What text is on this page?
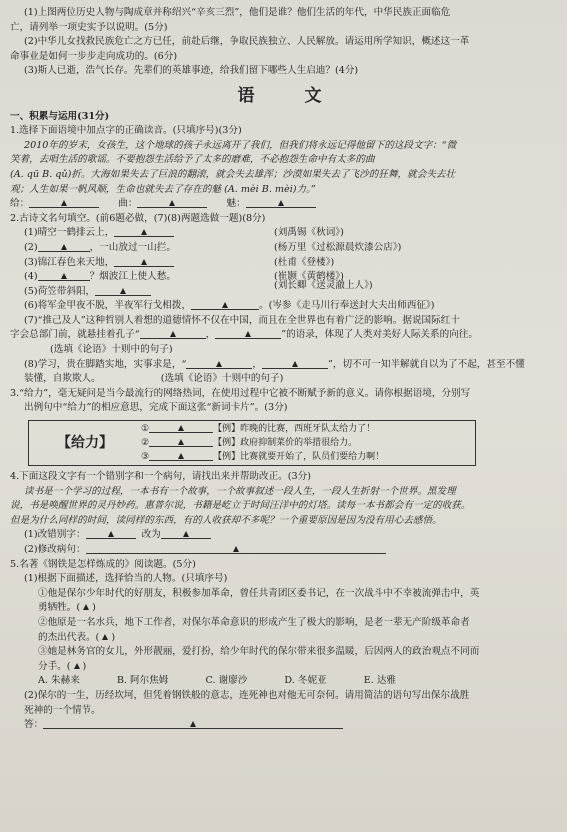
(1)上图两位历史人物与陶成章并称绍兴“辛亥三烈”，他们是谁？他们生活的年代，中华民族正面临危

亡，请列举一项史实予以说明。(5分)

(2)中华儿女找救民族危亡之方已任，前赴后继，争取民族独立、人民解放。请运用所学知识，概述这一革

命事业是如何一步步走向成功的。(6分)

(3)斯人已逝，浩气长存。先辈们的英雄事迹，给我们留下哪些人生启迪？(4分)

语 文

一、积累与运用(31分)

1.选择下面语境中加点字的正确读音。(只填序号)(3分)

2010年的岁末，女孩生，这个地球的孩子永远离开了我们，但我们将永远记得他留下的这段文字：“微

笑着，去唱生活的歌谣。不要抱怨生活给予了太多的磨难，不必抱怨生命中有太多的曲

(A. qū B. qǔ)折。大海如果失去了巨浪的翻滚，就会失去雄浑；沙漠如果失去了飞沙的狂舞，就会失去壮

观；人生如果一帆风顺，生命也就失去了存在的魅 (A. mèi B. mèi)力。”

给：	曲：	魅：

2.古诗文名句填空。(前6题必做，(7)(8)两题选做一题)(8分)

(1)晴空一鹤排云上，	(刘禹锡《秋词》)
(2)	，一山放过一山拦。	(杨万里《过松源晨炊漆公店》)
(3)锦江春色来天地，	(杜甫《登楼》)
(4)	？烟波江上使人愁。	(崔颢《黄鹤楼》)
(5)荷笠带斜阳，
(刘长卿《送灵澈上人》)

(6)将军金甲夜不脱，半夜军行戈相拨，	。(岑参《走马川行奉送封大夫出师西征》)

(7)“推己及人”这种哲别人着想的道德情怀不仅在中国，而且在全世界也有着广泛的影响。据说国际红十

字会总部门前，就悬挂着孔子“	，	”的语录，体现了人类对美好人际关系的向往。

(选填《论语》十则中的句子)

(8)学习，贵在脚踏实地，实事求是，“	，	”，切不可一知半解就自以为了不起，甚至不懂

装懂，自欺欺人。	(选填《论语》十则中的句子)

3.“给力”，毫无疑问是当今最流行的网络热词，在使用过程中它被不断赋予新的意义。请你根据语境，分别写

出例句中“给力”的相应意思，完成下面这张“新词卡片”。(3分)

【给力】
①	【例】昨晚的比赛，西班牙队太给力了！
②	【例】政府抑制菜价的举措很给力。
③	【例】比赛就要开始了，队员们要给力啊！

4.下面这段文字有一个错别字和一个病句，请找出来并帮助改正。(3分)

读书是一个学习的过程，一本书有一个故事，一个故事叙述一段人生，一段人生折射一个世界。黑发理

说，书是唤醒世界的灵丹妙药。惠普尔说，书籍是屹立于时间汪洋中的灯塔。读每一本书都会有一定的收获。

但是为什么同样的时间，读同样的东西，有的人收获却不多呢？一个重要原因是因为没有用心去感悟。

(1)改错别字：	改为

(2)修改病句：

5.名著《钢铁是怎样炼成的》阅读题。(5分)

(1)根据下面描述，选择恰当的人物。(只填序号)

①他是保尔少年时代的好朋友，积极参加革命，曾任共青团区委书记，在一次战斗中不幸被流弹击中，英

勇牺牲。( )

②他原是一名水兵，地下工作者，对保尔革命意识的形成产生了极大的影响，是老一辈无产阶级革命者

的杰出代表。( )

③她是林务官的女儿，外形靓丽，爱打扮，给少年时代的保尔带来很多温暖，后因两人的政治观点不同而

分手。( )

A. 朱赫来	B. 阿尔焦姆	C. 谢廖沙	D. 冬妮亚	E. 达雅

(2)保尔的一生，历经坎坷，但凭着钢铁般的意志，连死神也对他无可奈何。请用简洁的语句写出保尔战胜

死神的一个情节。

答：
